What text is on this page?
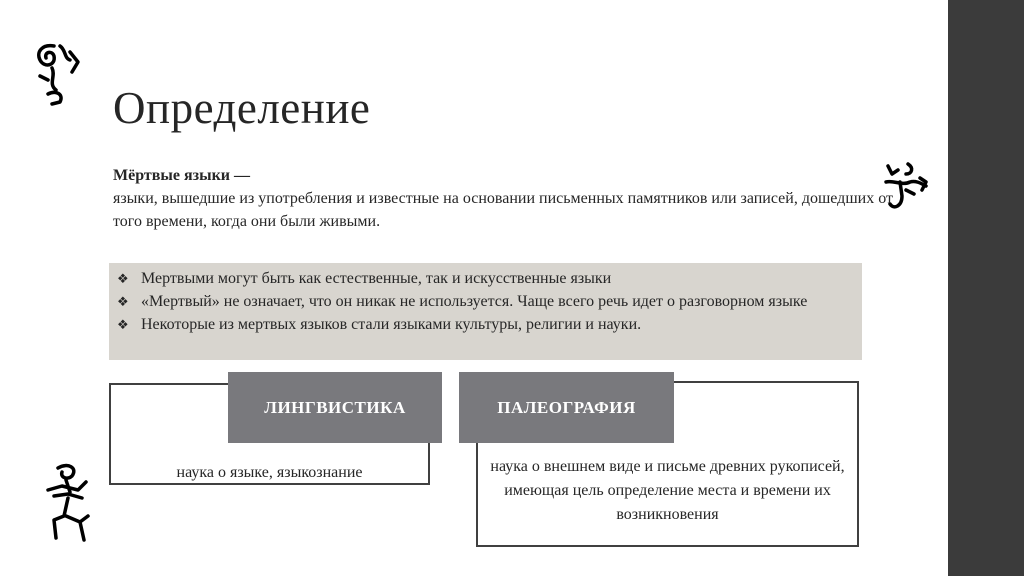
Определение
Мёртвые языки —
языки, вышедшие из употребления и известные на основании письменных памятников или записей, дошедших от того времени, когда они были живыми.
❖ Мертвыми могут быть как естественные, так и искусственные языки
❖ «Мертвый» не означает, что он никак не используется. Чаще всего речь идет о разговорном языке
❖ Некоторые из мертвых языков стали языками культуры, религии и науки.
наука о языке, языкознание
ЛИНГВИСТИКА
наука о внешнем виде и письме древних рукописей, имеющая цель определение места и времени их возникновения
ПАЛЕОГРАФИЯ
